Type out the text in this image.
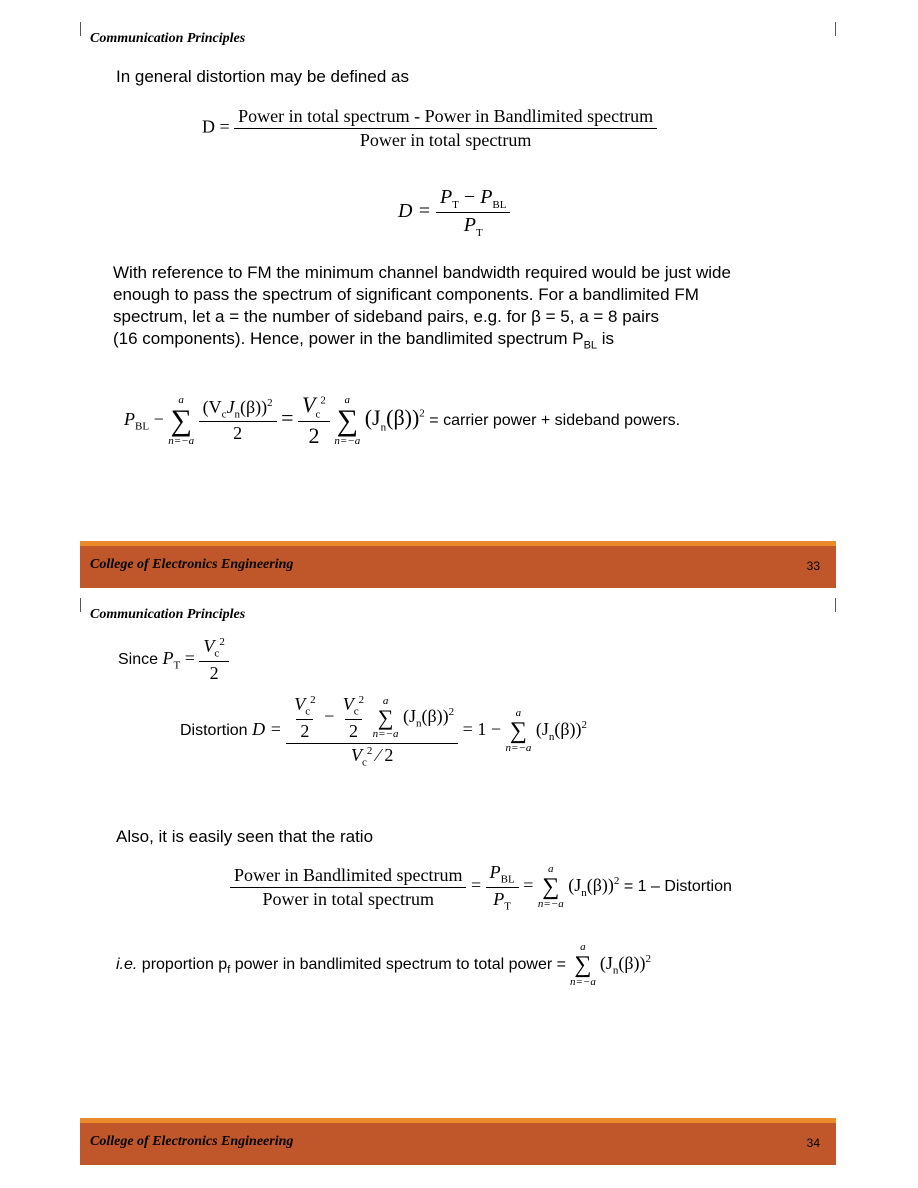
Communication Principles
In general distortion may be defined as
$D = \frac{\text{Power in total spectrum - Power in Bandlimited spectrum}}{\text{Power in total spectrum}}$
$D = \frac{P_T - P_{BL}}{P_T}$
With reference to FM the minimum channel bandwidth required would be just wide
enough to pass the spectrum of significant components. For a bandlimited FM
spectrum, let a = the number of sideband pairs, e.g. for β = 5, a = 8 pairs
(16 components). Hence, power in the bandlimited spectrum $P_{BL}$ is
$P_{BL}$ −
a
∑
n=−a
$\frac{(V_cJ_n(\beta))^2}{2} = \frac{V_c^2}{2}$
a
∑
n=−a
$(J_n(\beta))^2$ = carrier power + sideband powers.
College of Electronics Engineering	33
Communication Principles
Since $P_T = \frac{V_c^2}{2}$
Distortion $D = \frac{V_c^2}{2} - \frac{V_c^2}{2}$
a
∑
n=−a
$(J_n(\beta))^2$
$V_c^2$ ⁄ 2 = 1 −
a
∑
n=−a
$(J_n(\beta))^2$
Also, it is easily seen that the ratio
$\frac{\text{Power in Bandlimited spectrum}}{\text{Power in total spectrum}} = \frac{P_{BL}}{P_T}$ =
a
∑
n=−a
$(J_n(\beta))^2 = 1$ – Distortion
i.e. proportion $p_f$ power in bandlimited spectrum to total power =
a
∑
n=−a
$(J_n(\beta))^2$
College of Electronics Engineering	34
